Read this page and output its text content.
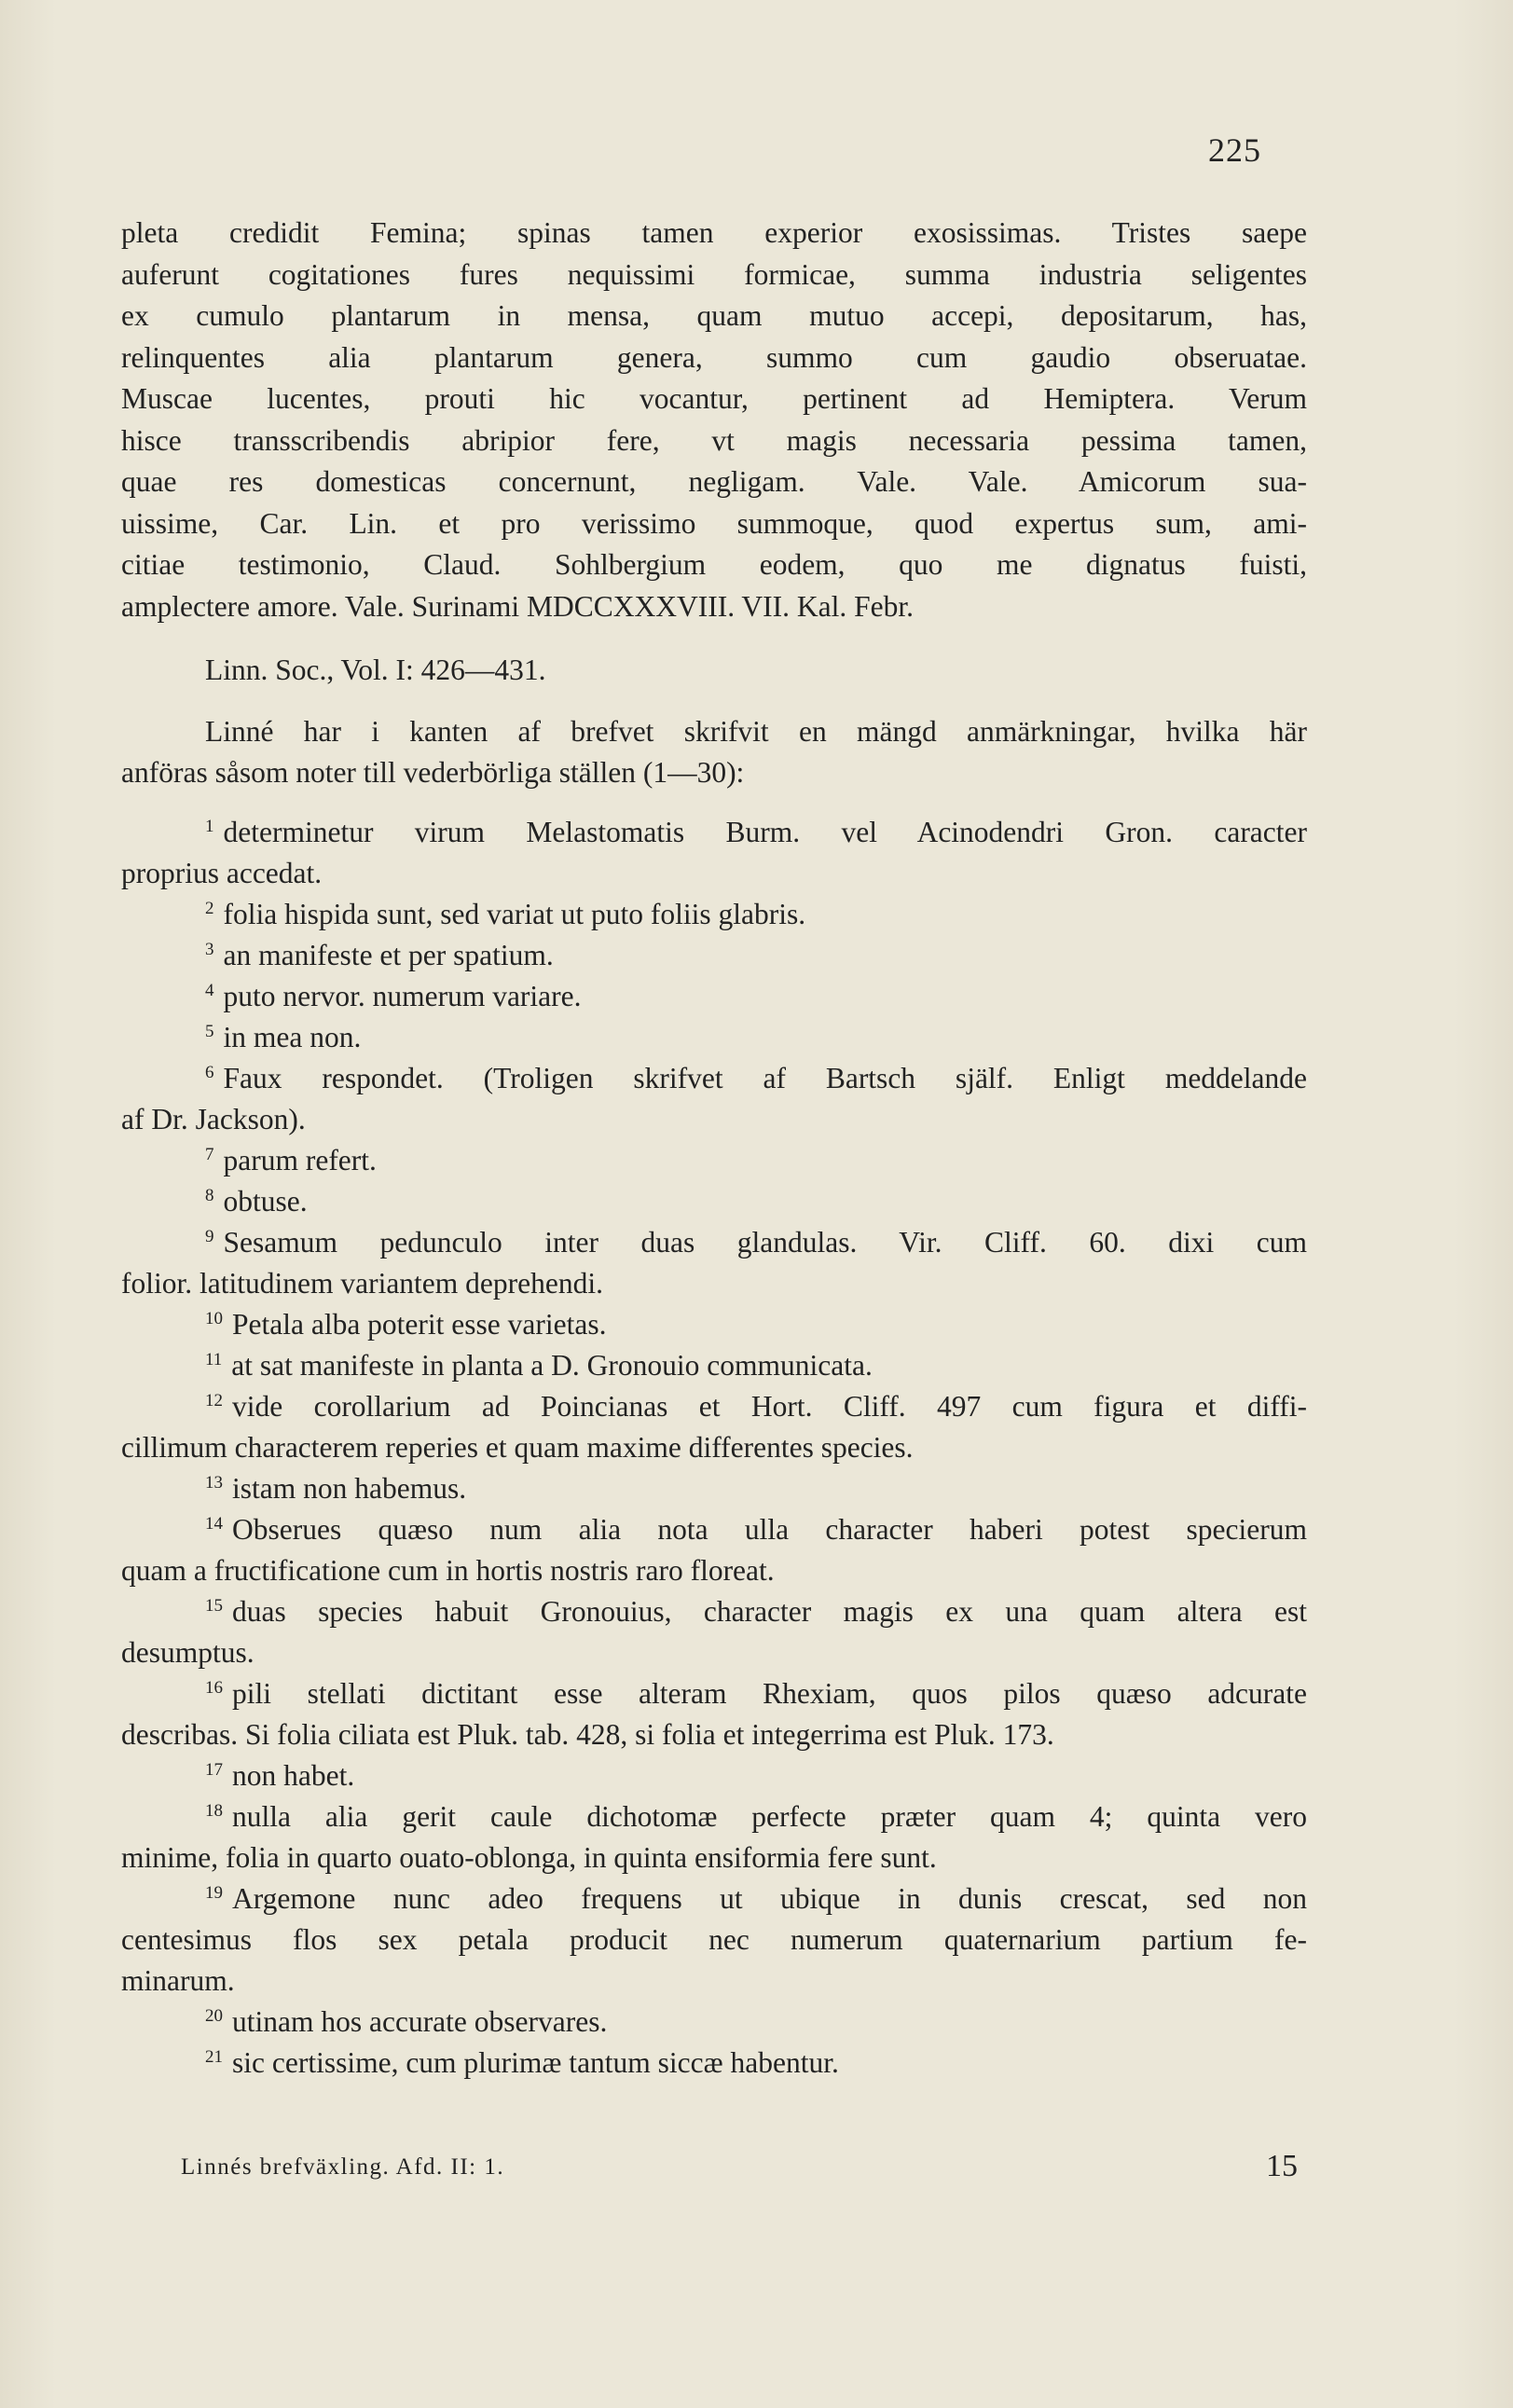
225

pleta credidit Femina; spinas tamen experior exosissimas. Tristes saepe
auferunt cogitationes fures nequissimi formicae, summa industria seligentes
ex cumulo plantarum in mensa, quam mutuo accepi, depositarum, has,
relinquentes alia plantarum genera, summo cum gaudio obseruatae.
Muscae lucentes, prouti hic vocantur, pertinent ad Hemiptera. Verum
hisce transscribendis abripior fere, vt magis necessaria pessima tamen,
quae res domesticas concernunt, negligam. Vale. Vale. Amicorum sua-
uissime, Car. Lin. et pro verissimo summoque, quod expertus sum, ami-
citiae testimonio, Claud. Sohlbergium eodem, quo me dignatus fuisti,
amplectere amore. Vale. Surinami MDCCXXXVIII. VII. Kal. Febr.

Linn. Soc., Vol. I: 426—431.
Linné har i kanten af brefvet skrifvit en mängd anmärkningar, hvilka här
anföras såsom noter till vederbörliga ställen (1—30):
$^1$ determinetur virum Melastomatis Burm. vel Acinodendri Gron. caracter
proprius accedat.
$^2$ folia hispida sunt, sed variat ut puto foliis glabris.
$^3$ an manifeste et per spatium.
$^4$ puto nervor. numerum variare.
$^5$ in mea non.
$^6$ Faux respondet. (Troligen skrifvet af Bartsch själf. Enligt meddelande
af Dr. Jackson).
$^7$ parum refert.
$^8$ obtuse.
$^9$ Sesamum pedunculo inter duas glandulas. Vir. Cliff. 60. dixi cum
folior. latitudinem variantem deprehendi.
$^{10}$ Petala alba poterit esse varietas.
$^{11}$ at sat manifeste in planta a D. Gronouio communicata.
$^{12}$ vide corollarium ad Poincianas et Hort. Cliff. 497 cum figura et diffi-
cillimum characterem reperies et quam maxime differentes species.
$^{13}$ istam non habemus.
$^{14}$ Obserues quæso num alia nota ulla character haberi potest specierum
quam a fructificatione cum in hortis nostris raro floreat.
$^{15}$ duas species habuit Gronouius, character magis ex una quam altera est
desumptus.
$^{16}$ pili stellati dictitant esse alteram Rhexiam, quos pilos quæso adcurate
describas. Si folia ciliata est Pluk. tab. 428, si folia et integerrima est Pluk. 173.
$^{17}$ non habet.
$^{18}$ nulla alia gerit caule dichotomæ perfecte præter quam 4; quinta vero
minime, folia in quarto ouato-oblonga, in quinta ensiformia fere sunt.
$^{19}$ Argemone nunc adeo frequens ut ubique in dunis crescat, sed non
centesimus flos sex petala producit nec numerum quaternarium partium fe-
minarum.
$^{20}$ utinam hos accurate observares.
$^{21}$ sic certissime, cum plurimæ tantum siccæ habentur.
Linnés brefväxling. Afd. II: 1.	15
